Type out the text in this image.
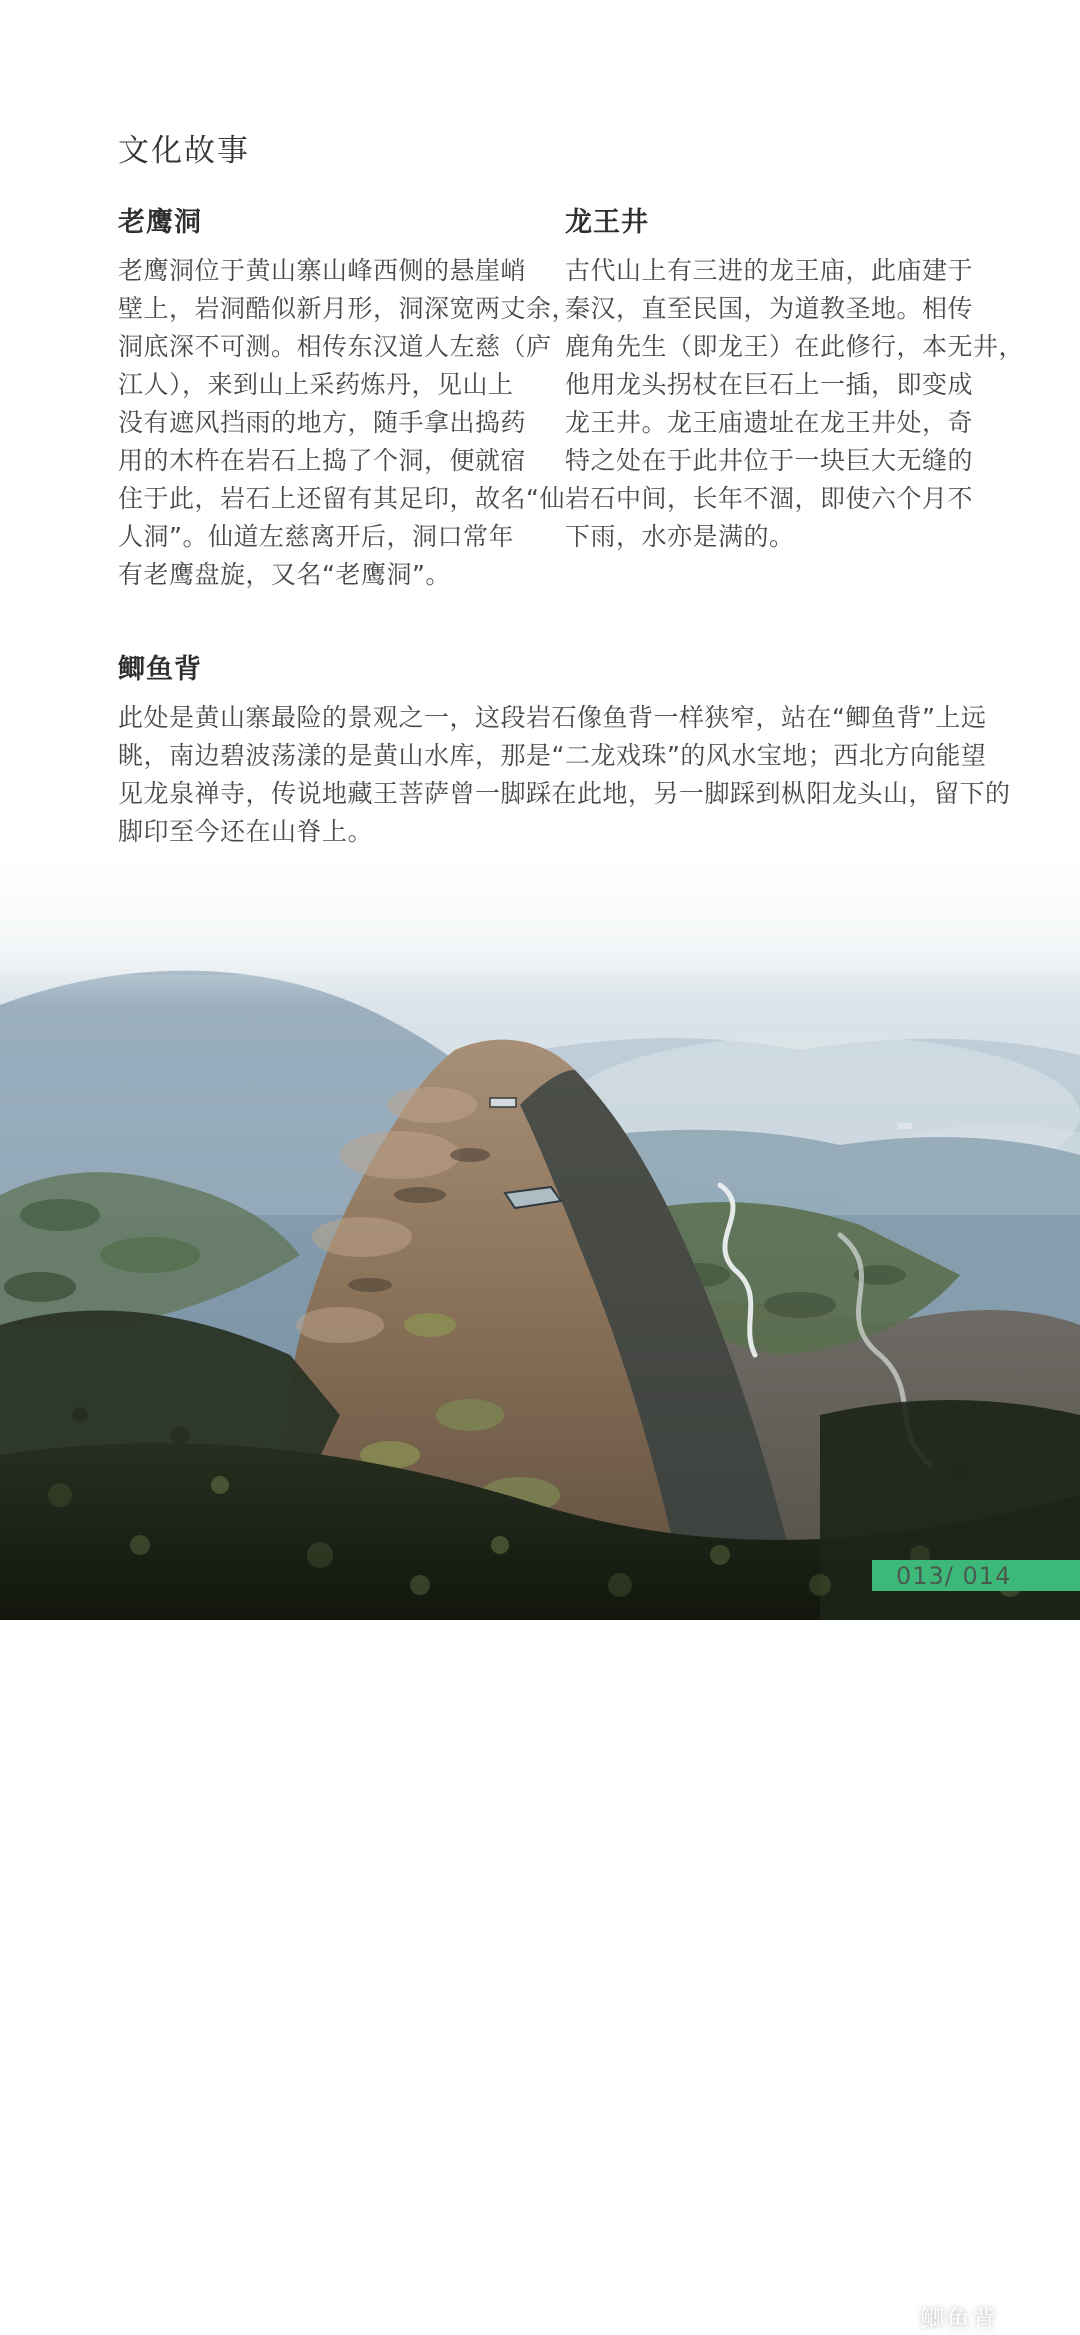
文化故事
老鹰洞
老鹰洞位于黄山寨山峰西侧的悬崖峭
壁上，岩洞酷似新月形，洞深宽两丈余，
洞底深不可测。相传东汉道人左慈（庐
江人），来到山上采药炼丹，见山上
没有遮风挡雨的地方，随手拿出捣药
用的木杵在岩石上捣了个洞，便就宿
住于此，岩石上还留有其足印，故名“仙
人洞”。仙道左慈离开后，洞口常年
有老鹰盘旋，又名“老鹰洞”。
龙王井
古代山上有三进的龙王庙，此庙建于
秦汉，直至民国，为道教圣地。相传
鹿角先生（即龙王）在此修行，本无井，
他用龙头拐杖在巨石上一插，即变成
龙王井。龙王庙遗址在龙王井处，奇
特之处在于此井位于一块巨大无缝的
岩石中间，长年不涸，即使六个月不
下雨，水亦是满的。
鲫鱼背
此处是黄山寨最险的景观之一，这段岩石像鱼背一样狭窄，站在“鲫鱼背”上远
眺，南边碧波荡漾的是黄山水库，那是“二龙戏珠”的风水宝地；西北方向能望
见龙泉禅寺，传说地藏王菩萨曾一脚踩在此地，另一脚踩到枞阳龙头山，留下的
脚印至今还在山脊上。
鲫鱼背
013/ 014
